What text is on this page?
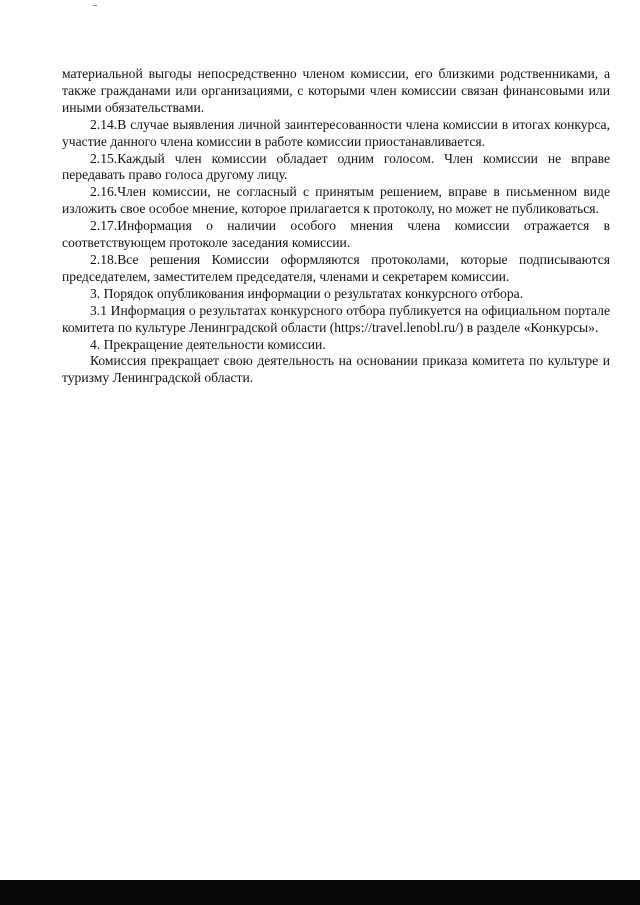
материальной выгоды непосредственно членом комиссии, его близкими родственниками, а также гражданами или организациями, с которыми член комиссии связан финансовыми или иными обязательствами.

2.14.В случае выявления личной заинтересованности члена комиссии в итогах конкурса, участие данного члена комиссии в работе комиссии приостанавливается.

2.15.Каждый член комиссии обладает одним голосом. Член комиссии не вправе передавать право голоса другому лицу.

2.16.Член комиссии, не согласный с принятым решением, вправе в письменном виде изложить свое особое мнение, которое прилагается к протоколу, но может не публиковаться.

2.17.Информация о наличии особого мнения члена комиссии отражается в соответствующем протоколе заседания комиссии.

2.18.Все решения Комиссии оформляются протоколами, которые подписываются председателем, заместителем председателя, членами и секретарем комиссии.

3. Порядок опубликования информации о результатах конкурсного отбора.

3.1 Информация о результатах конкурсного отбора публикуется на официальном портале комитета по культуре Ленинградской области (https://travel.lenobl.ru/) в разделе «Конкурсы».

4. Прекращение деятельности комиссии.

Комиссия прекращает свою деятельность на основании приказа комитета по культуре и туризму Ленинградской области.
